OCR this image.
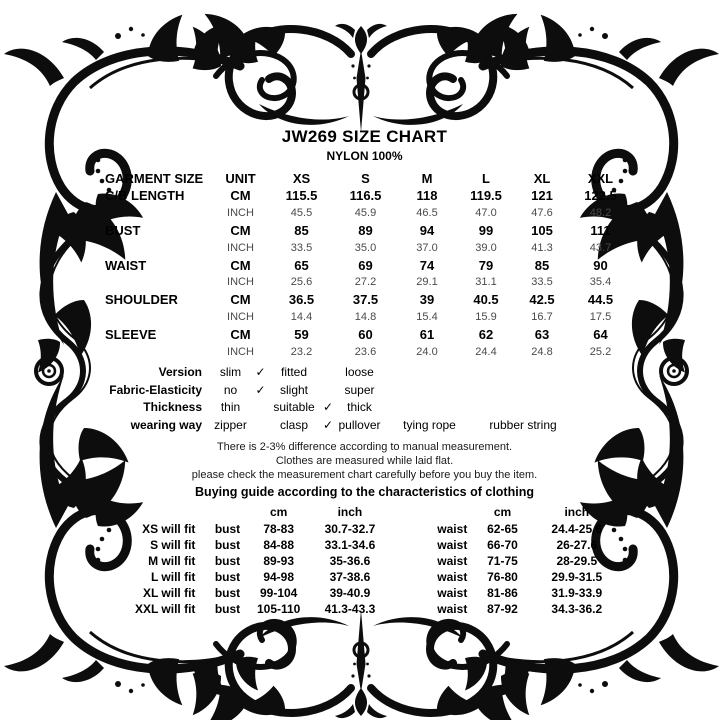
JW269 SIZE CHART
NYLON 100%
GARMENT SIZE	UNIT	XS	S	M	L	XL	XXL
C/B LENGTH	CM	115.5	116.5	118	119.5	121	122.5
	INCH	45.5	45.9	46.5	47.0	47.6	48.2
BUST	CM	85	89	94	99	105	111
	INCH	33.5	35.0	37.0	39.0	41.3	43.7
WAIST	CM	65	69	74	79	85	90
	INCH	25.6	27.2	29.1	31.1	33.5	35.4
SHOULDER	CM	36.5	37.5	39	40.5	42.5	44.5
	INCH	14.4	14.8	15.4	15.9	16.7	17.5
SLEEVE	CM	59	60	61	62	63	64
	INCH	23.2	23.6	24.0	24.4	24.8	25.2
Version	slim	✓	fitted		loose		
Fabric-Elasticity	no	✓	slight		super		
Thickness	thin		suitable	✓	thick		
wearing way	zipper		clasp	✓	pullover	tying rope	rubber string

There is 2-3% difference according to manual measurement.

Clothes are measured while laid flat.

please check the measurement chart carefully before you buy the item.

Buying guide according to the characteristics of clothing

		cm	inch			cm	inch
XS will fit	bust	78-83	30.7-32.7		waist	62-65	24.4-25.6
S will fit	bust	84-88	33.1-34.6		waist	66-70	26-27.6
M will fit	bust	89-93	35-36.6		waist	71-75	28-29.5
L will fit	bust	94-98	37-38.6		waist	76-80	29.9-31.5
XL will fit	bust	99-104	39-40.9		waist	81-86	31.9-33.9
XXL will fit	bust	105-110	41.3-43.3		waist	87-92	34.3-36.2
